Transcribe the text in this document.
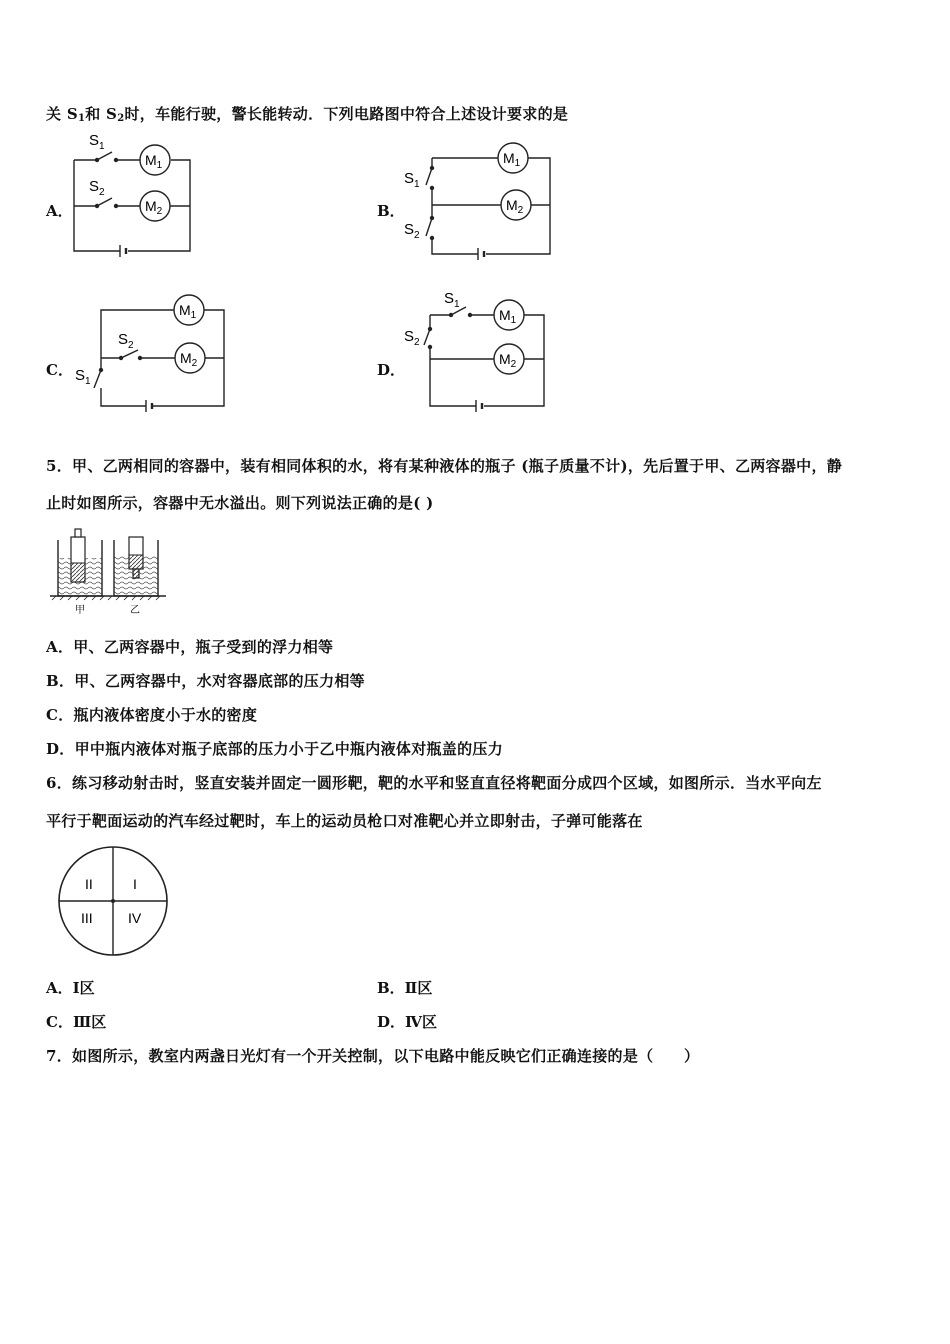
关 $S_1$和 $S_2$时，车能行驶，警长能转动．下列电路图中符合上述设计要求的是
A．	B．
C．	D．
$S_1$
$S_2$
$M_1$
$M_2$
$S_1$
$S_2$
$M_1$
$M_2$
$S_1$
$S_2$
$M_1$
$M_2$
$S_1$
$S_2$
$M_1$
$M_2$
5．甲、乙两相同的容器中，装有相同体积的水，将有某种液体的瓶子 (瓶子质量不计)，先后置于甲、乙两容器中，静
止时如图所示，容器中无水溢出。则下列说法正确的是( )
甲	乙
A．甲、乙两容器中，瓶子受到的浮力相等
B．甲、乙两容器中，水对容器底部的压力相等
C．瓶内液体密度小于水的密度
D．甲中瓶内液体对瓶子底部的压力小于乙中瓶内液体对瓶盖的压力
6．练习移动射击时，竖直安装并固定一圆形靶，靶的水平和竖直直径将靶面分成四个区域，如图所示．当水平向左
平行于靶面运动的汽车经过靶时，车上的运动员枪口对准靶心并立即射击，子弹可能落在
II	I
III	IV
A．Ⅰ区	B．Ⅱ区
C．Ⅲ区	D．Ⅳ区
7．如图所示，教室内两盏日光灯有一个开关控制，以下电路中能反映它们正确连接的是（　　）
